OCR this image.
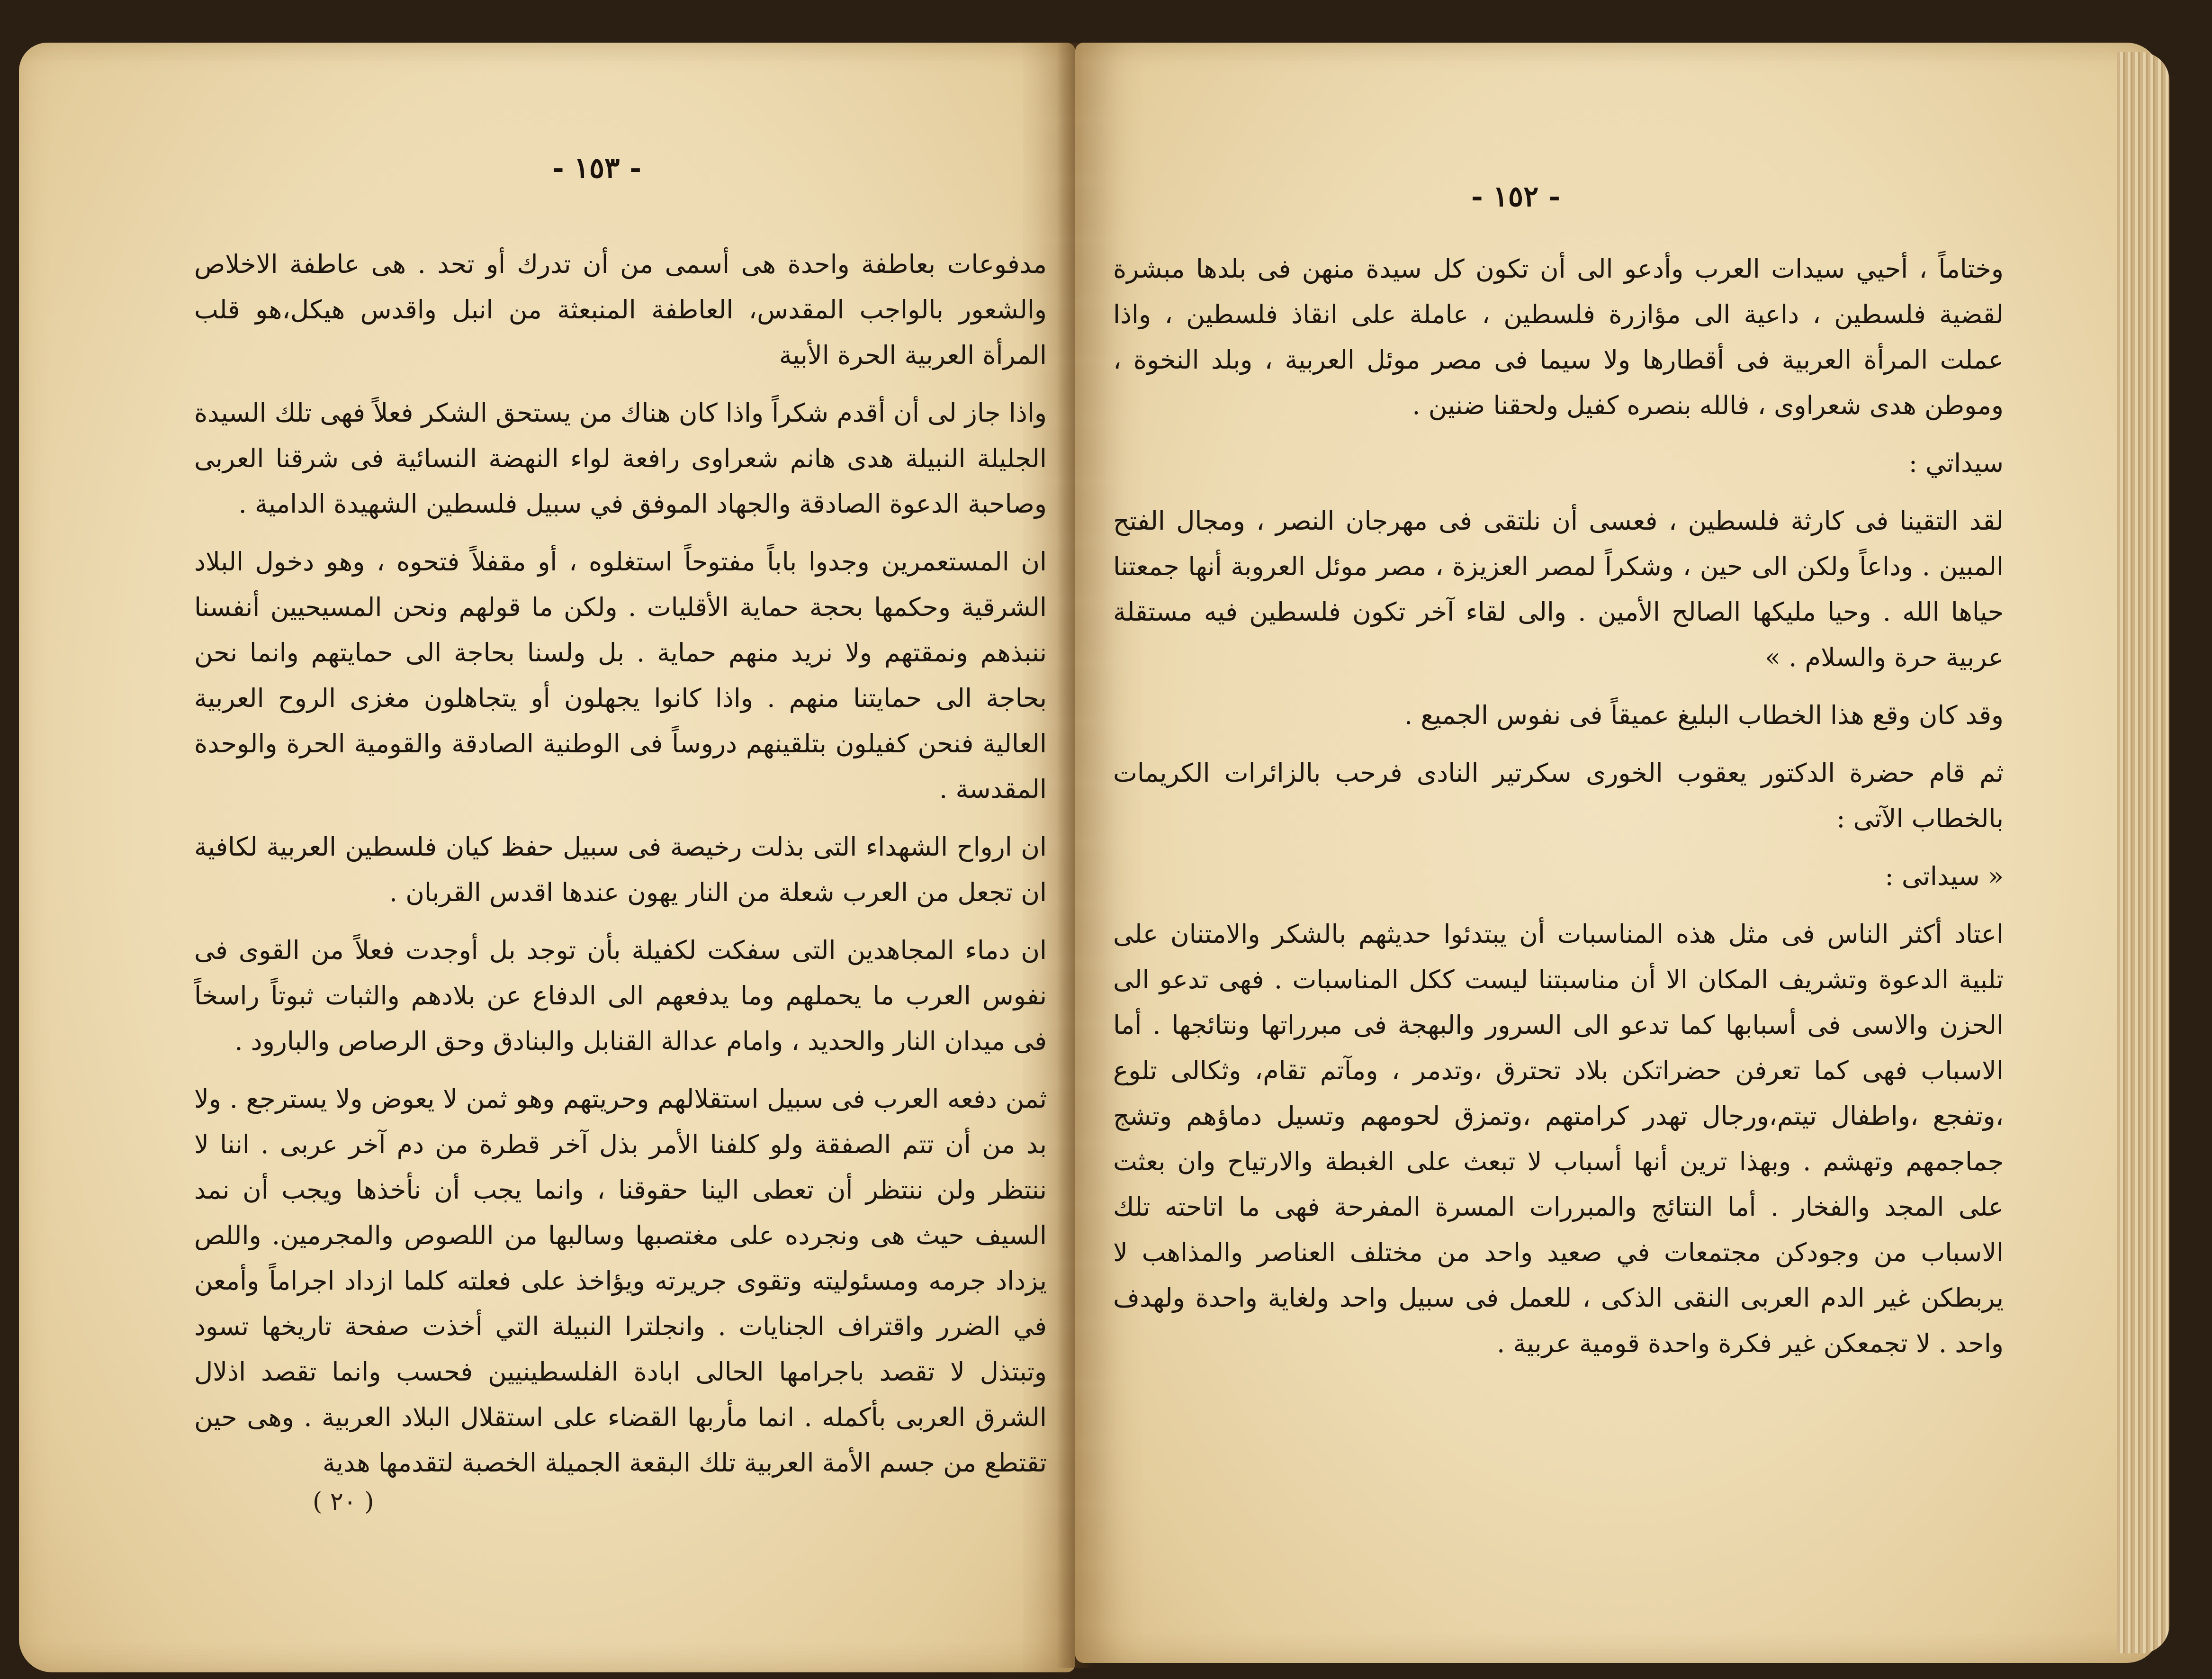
- ١٥٣ -

مدفوعات بعاطفة واحدة هى أسمى من أن تدرك أو تحد . هى عاطفة الاخلاص والشعور بالواجب المقدس، العاطفة المنبعثة من انبل واقدس هيكل،هو قلب المرأة العربية الحرة الأبية

واذا جاز لى أن أقدم شكراً واذا كان هناك من يستحق الشكر فعلاً فهى تلك السيدة الجليلة النبيلة هدى هانم شعراوى رافعة لواء النهضة النسائية فى شرقنا العربى وصاحبة الدعوة الصادقة والجهاد الموفق في سبيل فلسطين الشهيدة الدامية .

ان المستعمرين وجدوا باباً مفتوحاً استغلوه ، أو مقفلاً فتحوه ، وهو دخول البلاد الشرقية وحكمها بحجة حماية الأقليات . ولكن ما قولهم ونحن المسيحيين أنفسنا ننبذهم ونمقتهم ولا نريد منهم حماية . بل ولسنا بحاجة الى حمايتهم وانما نحن بحاجة الى حمايتنا منهم . واذا كانوا يجهلون أو يتجاهلون مغزى الروح العربية العالية فنحن كفيلون بتلقينهم دروساً فى الوطنية الصادقة والقومية الحرة والوحدة المقدسة .

ان ارواح الشهداء التى بذلت رخيصة فى سبيل حفظ كيان فلسطين العربية لكافية ان تجعل من العرب شعلة من النار يهون عندها اقدس القربان .

ان دماء المجاهدين التى سفكت لكفيلة بأن توجد بل أوجدت فعلاً من القوى فى نفوس العرب ما يحملهم وما يدفعهم الى الدفاع عن بلادهم والثبات ثبوتاً راسخاً فى ميدان النار والحديد ، وامام عدالة القنابل والبنادق وحق الرصاص والبارود .

ثمن دفعه العرب فى سبيل استقلالهم وحريتهم وهو ثمن لا يعوض ولا يسترجع . ولا بد من أن تتم الصفقة ولو كلفنا الأمر بذل آخر قطرة من دم آخر عربى . اننا لا ننتظر ولن ننتظر أن تعطى الينا حقوقنا ، وانما يجب أن نأخذها ويجب أن نمد السيف حيث هى ونجرده على مغتصبها وسالبها من اللصوص والمجرمين. واللص يزداد جرمه ومسئوليته وتقوى جريرته ويؤاخذ على فعلته كلما ازداد اجراماً وأمعن في الضرر واقتراف الجنايات . وانجلترا النبيلة التي أخذت صفحة تاريخها تسود وتبتذل لا تقصد باجرامها الحالى ابادة الفلسطينيين فحسب وانما تقصد اذلال الشرق العربى بأكمله . انما مأربها القضاء على استقلال البلاد العربية . وهى حين تقتطع من جسم الأمة العربية تلك البقعة الجميلة الخصبة لتقدمها هدية

( ٢٠ )
- ١٥٢ -

وختاماً ، أحيي سيدات العرب وأدعو الى أن تكون كل سيدة منهن فى بلدها مبشرة لقضية فلسطين ، داعية الى مؤازرة فلسطين ، عاملة على انقاذ فلسطين ، واذا عملت المرأة العربية فى أقطارها ولا سيما فى مصر موئل العربية ، وبلد النخوة ، وموطن هدى شعراوى ، فالله بنصره كفيل ولحقنا ضنين .

سيداتي :

لقد التقينا فى كارثة فلسطين ، فعسى أن نلتقى فى مهرجان النصر ، ومجال الفتح المبين . وداعاً ولكن الى حين ، وشكراً لمصر العزيزة ، مصر موئل العروبة أنها جمعتنا حياها الله . وحيا مليكها الصالح الأمين . والى لقاء آخر تكون فلسطين فيه مستقلة عربية حرة والسلام . »

وقد كان وقع هذا الخطاب البليغ عميقاً فى نفوس الجميع .

ثم قام حضرة الدكتور يعقوب الخورى سكرتير النادى فرحب بالزائرات الكريمات بالخطاب الآتى :

« سيداتى :

اعتاد أكثر الناس فى مثل هذه المناسبات أن يبتدئوا حديثهم بالشكر والامتنان على تلبية الدعوة وتشريف المكان الا أن مناسبتنا ليست ككل المناسبات . فهى تدعو الى الحزن والاسى فى أسبابها كما تدعو الى السرور والبهجة فى مبرراتها ونتائجها . أما الاسباب فهى كما تعرفن حضراتكن بلاد تحترق ،وتدمر ، ومآتم تقام، وثكالى تلوع ،وتفجع ،واطفال تيتم،ورجال تهدر كرامتهم ،وتمزق لحومهم وتسيل دماؤهم وتشج جماجمهم وتهشم . وبهذا ترين أنها أسباب لا تبعث على الغبطة والارتياح وان بعثت على المجد والفخار . أما النتائج والمبررات المسرة المفرحة فهى ما اتاحته تلك الاسباب من وجودكن مجتمعات في صعيد واحد من مختلف العناصر والمذاهب لا يربطكن غير الدم العربى النقى الذكى ، للعمل فى سبيل واحد ولغاية واحدة ولهدف واحد . لا تجمعكن غير فكرة واحدة قومية عربية .
